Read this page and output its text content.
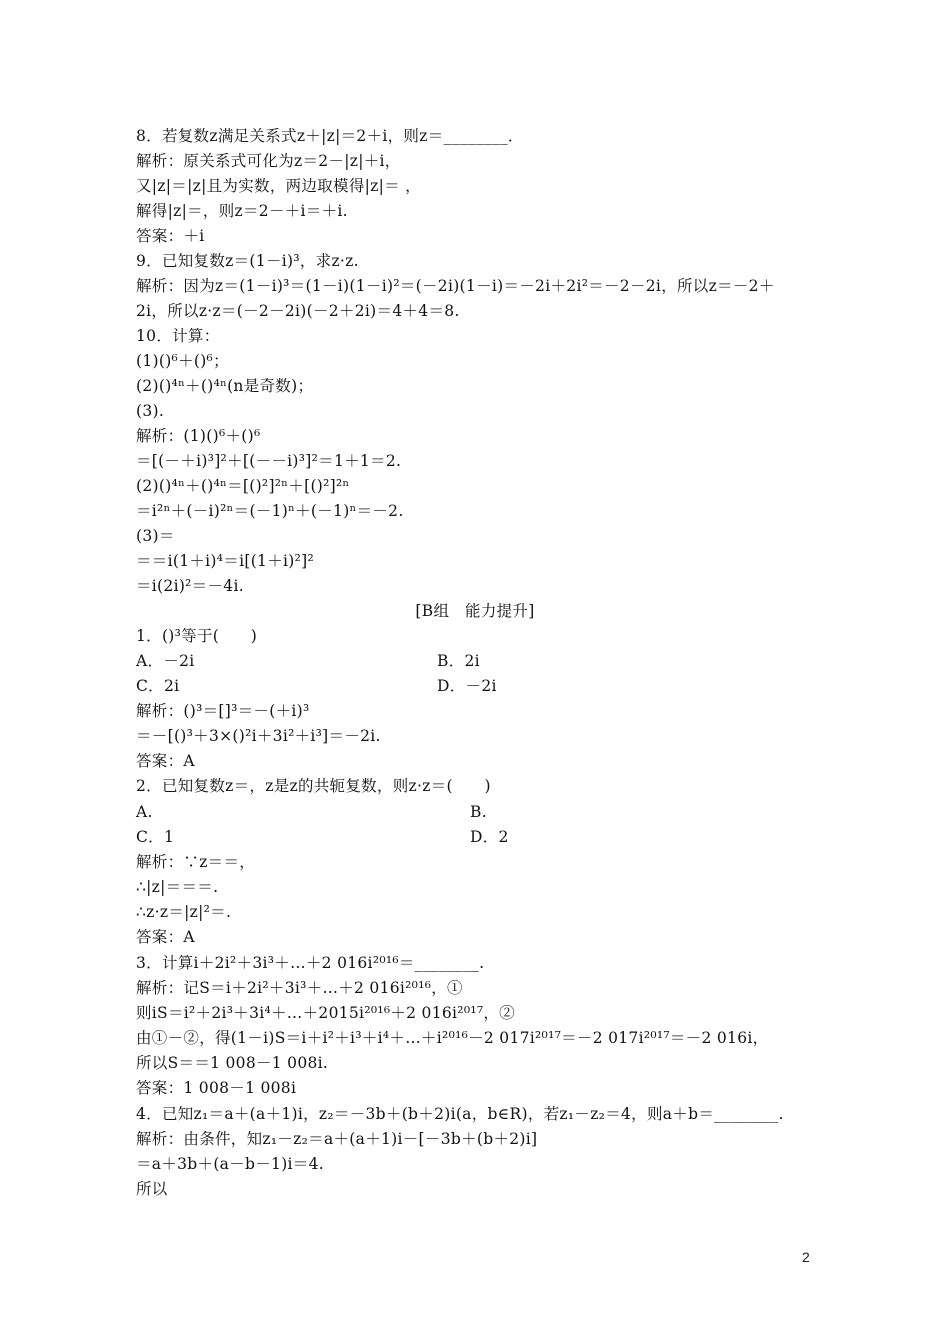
8．若复数z满足关系式z＋|z|＝2＋i，则z＝________．
解析：原关系式可化为z＝2－|z|＋i，
又|z|＝|z|且为实数，两边取模得|z|＝ ，
解得|z|＝，则z＝2－＋i＝＋i.
答案：＋i
9．已知复数z＝(1－i)³，求z·z.
解析：因为z＝(1－i)³＝(1－i)(1－i)²＝(－2i)(1－i)＝－2i＋2i²＝－2－2i，所以z＝－2＋
2i，所以z·z＝(－2－2i)(－2＋2i)＝4＋4＝8.
10．计算：
(1)()⁶＋()⁶；
(2)()⁴ⁿ＋()⁴ⁿ(n是奇数)；
(3).
解析：(1)()⁶＋()⁶
＝[(－＋i)³]²＋[(－－i)³]²＝1＋1＝2.
(2)()⁴ⁿ＋()⁴ⁿ＝[()²]²ⁿ＋[()²]²ⁿ
＝i²ⁿ＋(－i)²ⁿ＝(－1)ⁿ＋(－1)ⁿ＝－2.
(3)＝
＝＝i(1＋i)⁴＝i[(1＋i)²]²
＝i(2i)²＝－4i.
[B组　能力提升]
1．()³等于(　　)
A．－2i	B．2i
C．2i	D．－2i
解析：()³＝[]³＝－(＋i)³
＝－[()³＋3×()²i＋3i²＋i³]＝－2i.
答案：A
2．已知复数z＝，z是z的共轭复数，则z·z＝(　　)
A.	B.
C．1	D．2
解析：∵z＝＝，
∴|z|＝＝＝.
∴z·z＝|z|²＝.
答案：A
3．计算i＋2i²＋3i³＋…＋2 016i²⁰¹⁶＝________.
解析：记S＝i＋2i²＋3i³＋…＋2 016i²⁰¹⁶，①
则iS＝i²＋2i³＋3i⁴＋…＋2015i²⁰¹⁶＋2 016i²⁰¹⁷，②
由①－②，得(1－i)S＝i＋i²＋i³＋i⁴＋…＋i²⁰¹⁶－2 017i²⁰¹⁷＝－2 017i²⁰¹⁷＝－2 016i，
所以S＝＝1 008－1 008i.
答案：1 008－1 008i
4．已知z₁＝a＋(a＋1)i，z₂＝－3b＋(b＋2)i(a，b∈R)，若z₁－z₂＝4，则a＋b＝________.
解析：由条件，知z₁－z₂＝a＋(a＋1)i－[－3b＋(b＋2)i]
＝a＋3b＋(a－b－1)i＝4.
所以
2
